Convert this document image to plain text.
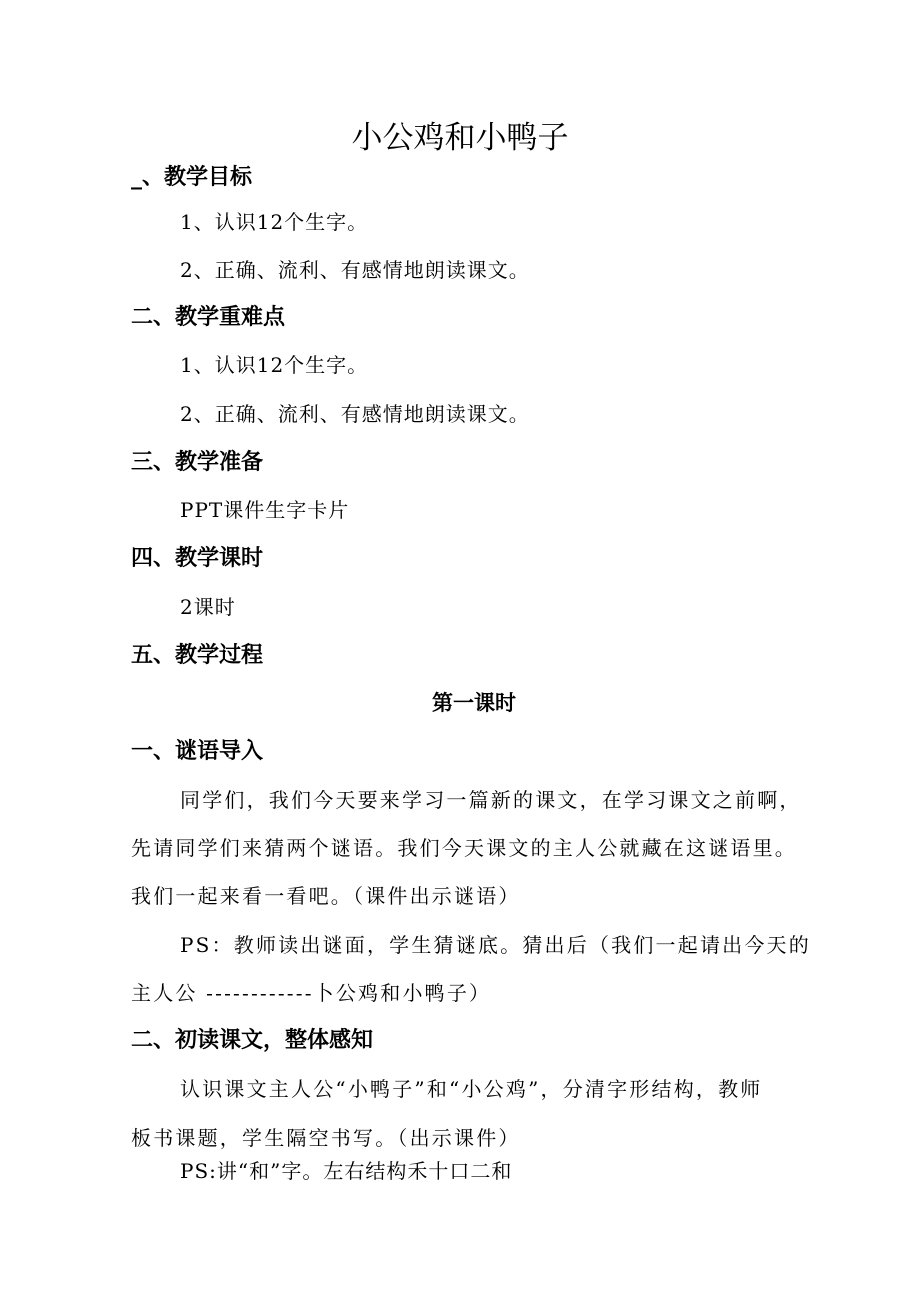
小公鸡和小鸭子
_、教学目标
1、认识12个生字。
2、正确、流利、有感情地朗读课文。
二、教学重难点
1、认识12个生字。
2、正确、流利、有感情地朗读课文。
三、教学准备
PPT课件生字卡片
四、教学课时
2课时
五、教学过程
第一课时
一、谜语导入
同学们，我们今天要来学习一篇新的课文，在学习课文之前啊，
先请同学们来猜两个谜语。我们今天课文的主人公就藏在这谜语里。
我们一起来看一看吧。（课件出示谜语）
PS：教师读出谜面，学生猜谜底。猜出后（我们一起请出今天的
主人公 ------------卜公鸡和小鸭子）
二、初读课文，整体感知
认识课文主人公“小鸭子”和“小公鸡”，分清字形结构，教师
板书课题，学生隔空书写。（出示课件）
PS:讲“和”字。左右结构禾十口二和
